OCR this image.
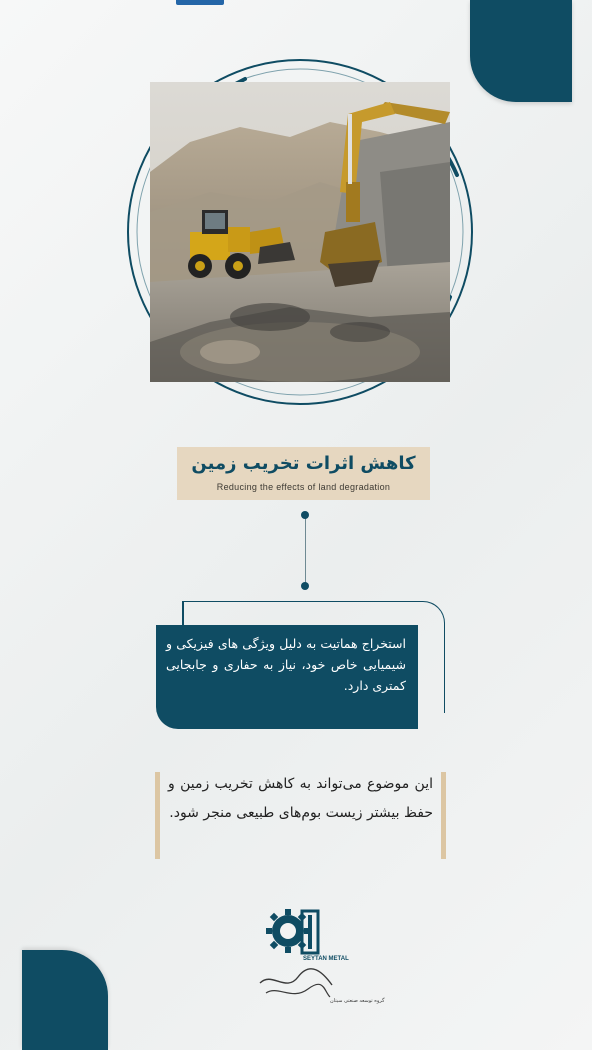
کاهش اثرات تخریب زمین
Reducing the effects of land degradation
استخراج هماتیت به دلیل ویژگی های فیزیکی و شیمیایی خاص خود، نیاز به حفاری و جابجایی کمتری دارد.
این موضوع می‌تواند به کاهش تخریب زمین و حفظ بیشتر زیست بوم‌های طبیعی منجر شود.
SEYTAN METAL
گروه توسعه صنعتی سیتان
